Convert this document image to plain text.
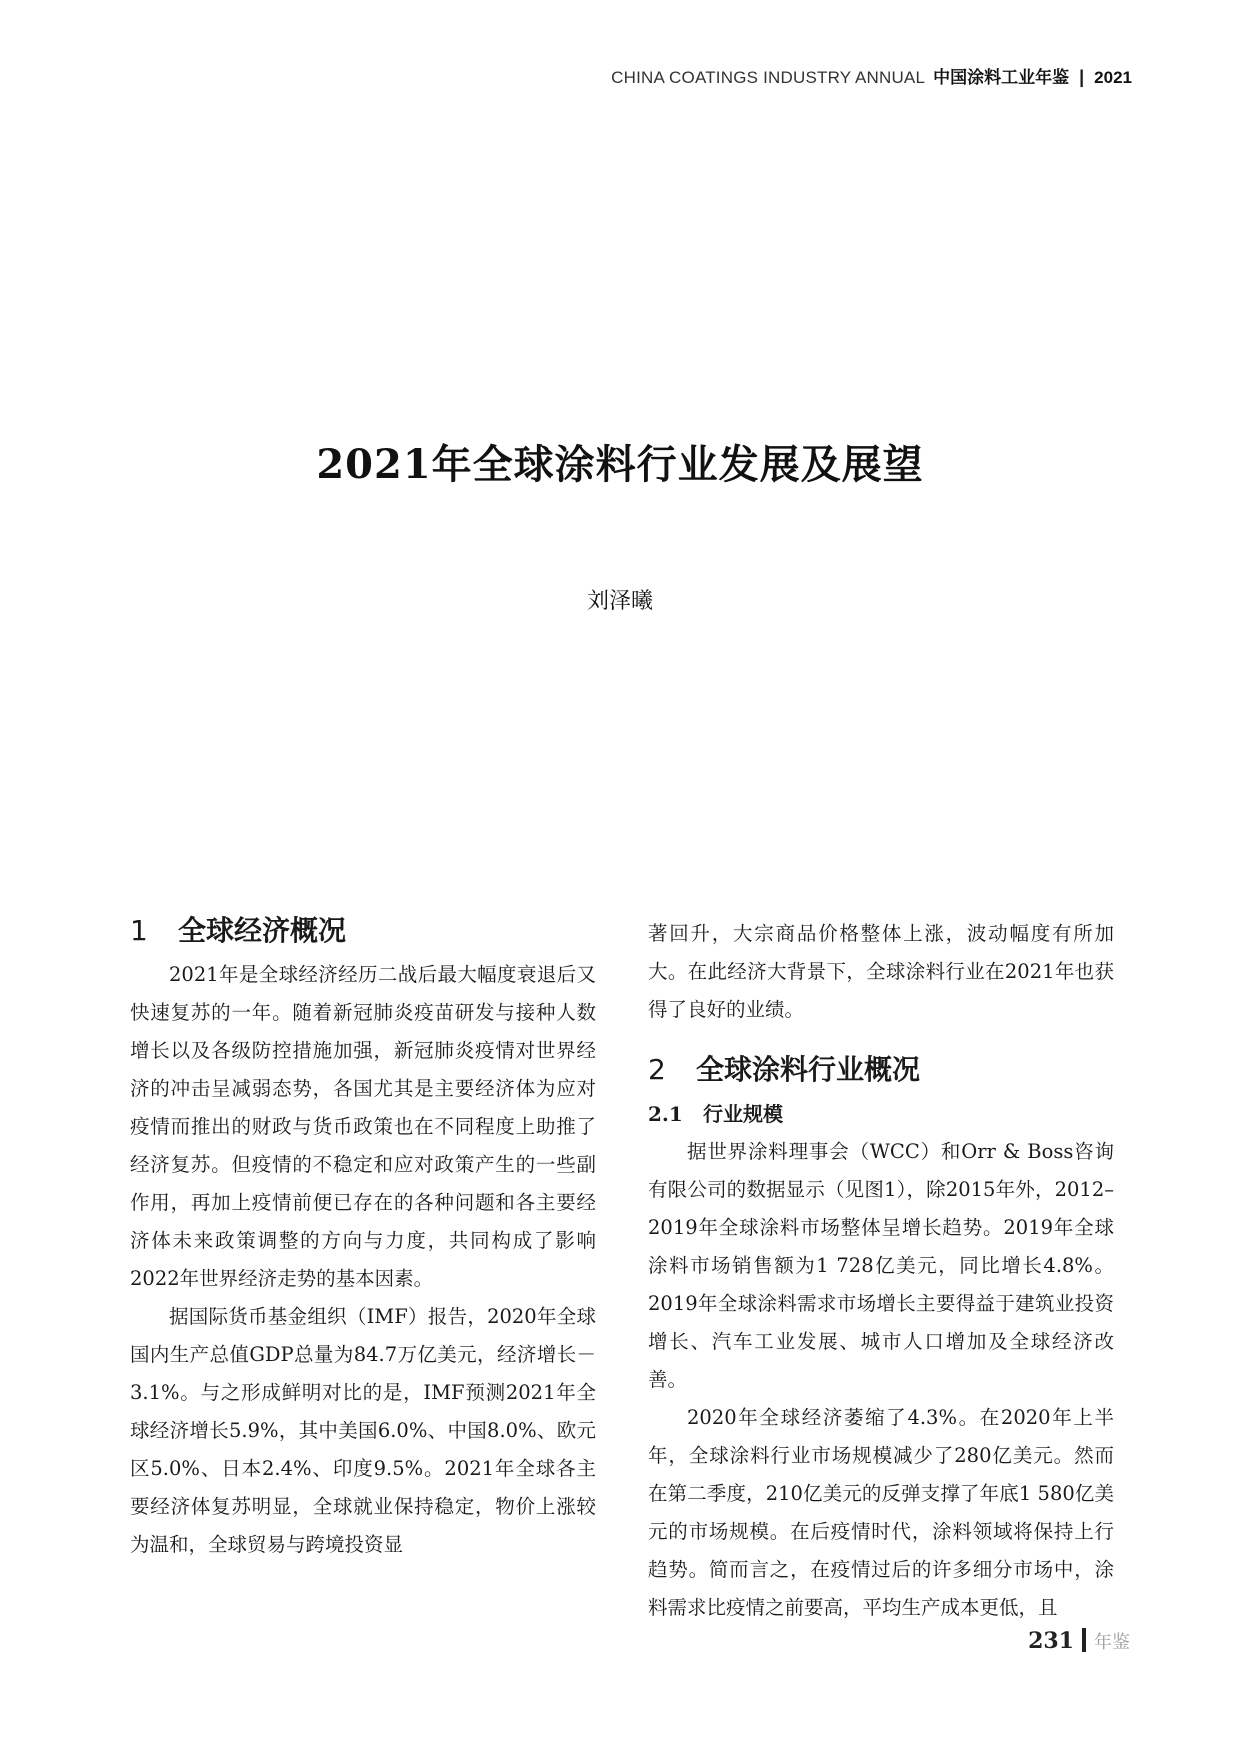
CHINA COATINGS INDUSTRY ANNUAL 中国涂料工业年鉴 | 2021
2021年全球涂料行业发展及展望
刘泽曦
1 全球经济概况

2021年是全球经济经历二战后最大幅度衰退后又快速复苏的一年。随着新冠肺炎疫苗研发与接种人数增长以及各级防控措施加强，新冠肺炎疫情对世界经济的冲击呈减弱态势，各国尤其是主要经济体为应对疫情而推出的财政与货币政策也在不同程度上助推了经济复苏。但疫情的不稳定和应对政策产生的一些副作用，再加上疫情前便已存在的各种问题和各主要经济体未来政策调整的方向与力度，共同构成了影响2022年世界经济走势的基本因素。

据国际货币基金组织（IMF）报告，2020年全球国内生产总值GDP总量为84.7万亿美元，经济增长－3.1%。与之形成鲜明对比的是，IMF预测2021年全球经济增长5.9%，其中美国6.0%、中国8.0%、欧元区5.0%、日本2.4%、印度9.5%。2021年全球各主要经济体复苏明显，全球就业保持稳定，物价上涨较为温和，全球贸易与跨境投资显

著回升，大宗商品价格整体上涨，波动幅度有所加大。在此经济大背景下，全球涂料行业在2021年也获得了良好的业绩。

2 全球涂料行业概况
2.1 行业规模

据世界涂料理事会（WCC）和Orr & Boss咨询有限公司的数据显示（见图1），除2015年外，2012–2019年全球涂料市场整体呈增长趋势。2019年全球涂料市场销售额为1 728亿美元，同比增长4.8%。2019年全球涂料需求市场增长主要得益于建筑业投资增长、汽车工业发展、城市人口增加及全球经济改善。

2020年全球经济萎缩了4.3%。在2020年上半年，全球涂料行业市场规模减少了280亿美元。然而在第二季度，210亿美元的反弹支撑了年底1 580亿美元的市场规模。在后疫情时代，涂料领域将保持上行趋势。简而言之，在疫情过后的许多细分市场中，涂料需求比疫情之前要高，平均生产成本更低，且

231 年鉴
